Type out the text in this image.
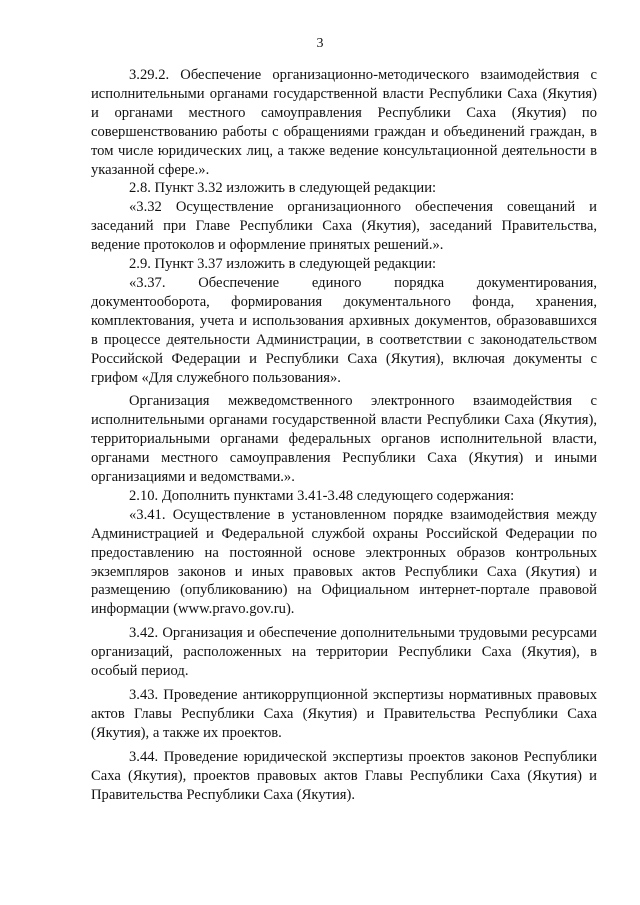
3

3.29.2. Обеспечение организационно-методического взаимодействия с исполнительными органами государственной власти Республики Саха (Якутия) и органами местного самоуправления Республики Саха (Якутия) по совершенствованию работы с обращениями граждан и объединений граждан, в том числе юридических лиц, а также ведение консультационной деятельности в указанной сфере.».

2.8. Пункт 3.32 изложить в следующей редакции:

«3.32 Осуществление организационного обеспечения совещаний и заседаний при Главе Республики Саха (Якутия), заседаний Правительства, ведение протоколов и оформление принятых решений.».

2.9. Пункт 3.37 изложить в следующей редакции:

«3.37. Обеспечение единого порядка документирования, документооборота, формирования документального фонда, хранения, комплектования, учета и использования архивных документов, образовавшихся в процессе деятельности Администрации, в соответствии с законодательством Российской Федерации и Республики Саха (Якутия), включая документы с грифом «Для служебного пользования».

Организация межведомственного электронного взаимодействия с исполнительными органами государственной власти Республики Саха (Якутия), территориальными органами федеральных органов исполнительной власти, органами местного самоуправления Республики Саха (Якутия) и иными организациями и ведомствами.».

2.10. Дополнить пунктами 3.41-3.48 следующего содержания:

«3.41. Осуществление в установленном порядке взаимодействия между Администрацией и Федеральной службой охраны Российской Федерации по предоставлению на постоянной основе электронных образов контрольных экземпляров законов и иных правовых актов Республики Саха (Якутия) и размещению (опубликованию) на Официальном интернет-портале правовой информации (www.pravo.gov.ru).

3.42. Организация и обеспечение дополнительными трудовыми ресурсами организаций, расположенных на территории Республики Саха (Якутия), в особый период.

3.43. Проведение антикоррупционной экспертизы нормативных правовых актов Главы Республики Саха (Якутия) и Правительства Республики Саха (Якутия), а также их проектов.

3.44. Проведение юридической экспертизы проектов законов Республики Саха (Якутия), проектов правовых актов Главы Республики Саха (Якутия) и Правительства Республики Саха (Якутия).
